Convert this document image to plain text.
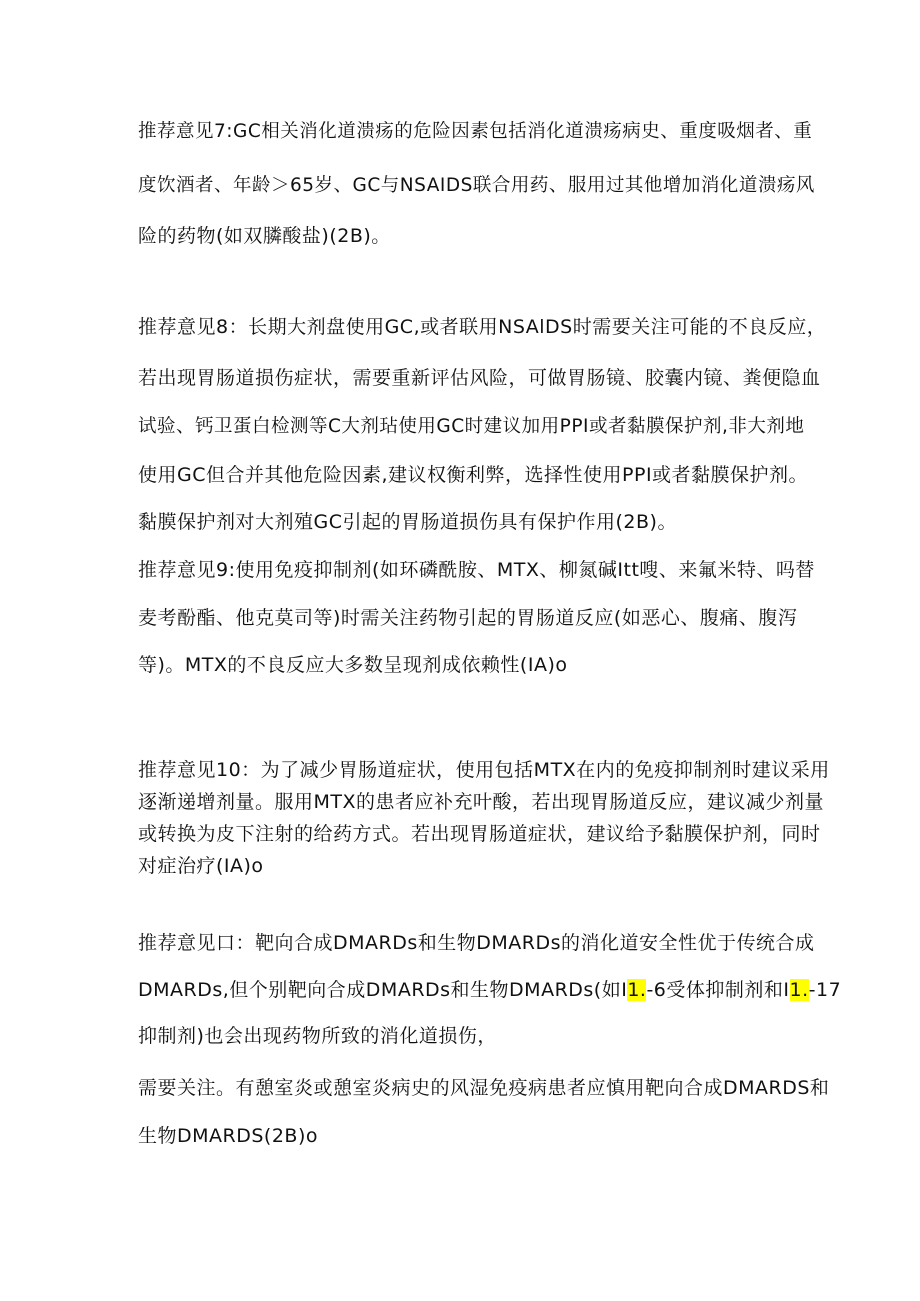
推荐意见7:GC相关消化道溃疡的危险因素包括消化道溃疡病史、重度吸烟者、重
度饮酒者、年龄＞65岁、GC与NSAIDS联合用药、服用过其他增加消化道溃疡风
险的药物(如双膦酸盐)(2B)。
推荐意见8：长期大剂盘使用GC,或者联用NSAlDS时需要关注可能的不良反应，
若出现胃肠道损伤症状，需要重新评估风险，可做胃肠镜、胶囊内镜、粪便隐血
试验、钙卫蛋白检测等C大剂玷使用GC时建议加用PPI或者黏膜保护剂,非大剂地
使用GC但合并其他危险因素,建议权衡利弊，选择性使用PPI或者黏膜保护剂。
黏膜保护剂对大剂殖GC引起的胃肠道损伤具有保护作用(2B)。
推荐意见9:使用免疫抑制剂(如环磷酰胺、MTX、柳氮碱Itt嗖、来氟米特、吗替
麦考酚酯、他克莫司等)时需关注药物引起的胃肠道反应(如恶心、腹痛、腹泻
等)。MTX的不良反应大多数呈现剂成依赖性(IA)o
推荐意见10：为了减少胃肠道症状，使用包括MTX在内的免疫抑制剂时建议采用
逐渐递增剂量。服用MTX的患者应补充叶酸，若出现胃肠道反应，建议减少剂量
或转换为皮下注射的给药方式。若出现胃肠道症状，建议给予黏膜保护剂，同时
对症治疗(IA)o
推荐意见口：靶向合成DMARDs和生物DMARDs的消化道安全性优于传统合成
DMARDs,但个别靶向合成DMARDs和生物DMARDs(如I1.-6受体抑制剂和I1.-17
抑制剂)也会出现药物所致的消化道损伤，
需要关注。有憩室炎或憩室炎病史的风湿免疫病患者应慎用靶向合成DMARDS和
生物DMARDS(2B)o
